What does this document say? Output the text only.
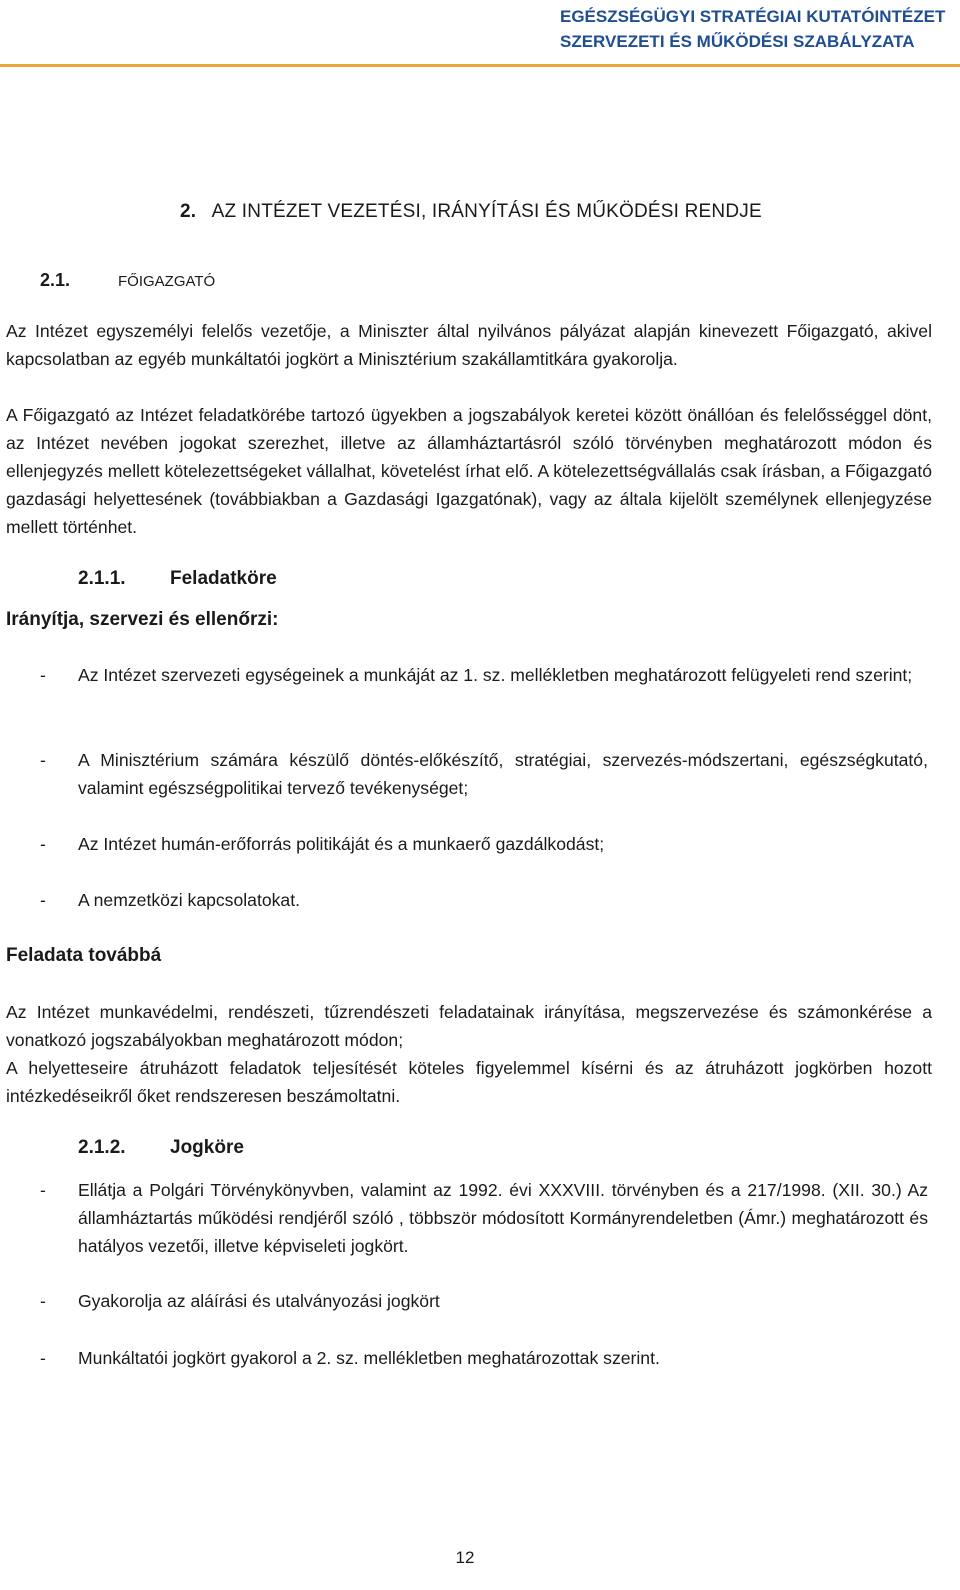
EGÉSZSÉGÜGYI STRATÉGIAI KUTATÓINTÉZET
SZERVEZETI ÉS MŰKÖDÉSI SZABÁLYZATA
2. AZ INTÉZET VEZETÉSI, IRÁNYÍTÁSI ÉS MŰKÖDÉSI RENDJE
2.1.	FŐIGAZGATÓ

Az Intézet egyszemélyi felelős vezetője, a Miniszter által nyilvános pályázat alapján kinevezett Főigazgató, akivel kapcsolatban az egyéb munkáltatói jogkört a Minisztérium szakállamtitkára gyakorolja.

A Főigazgató az Intézet feladatkörébe tartozó ügyekben a jogszabályok keretei között önállóan és felelősséggel dönt, az Intézet nevében jogokat szerezhet, illetve az államháztartásról szóló törvényben meghatározott módon és ellenjegyzés mellett kötelezettségeket vállalhat, követelést írhat elő. A kötelezettségvállalás csak írásban, a Főigazgató gazdasági helyettesének (továbbiakban a Gazdasági Igazgatónak), vagy az általa kijelölt személynek ellenjegyzése mellett történhet.

2.1.1. Feladatköre
Irányítja, szervezi és ellenőrzi:
- Az Intézet szervezeti egységeinek a munkáját az 1. sz. mellékletben meghatározott felügyeleti rend szerint;
- A Minisztérium számára készülő döntés-előkészítő, stratégiai, szervezés-módszertani, egészségkutató, valamint egészségpolitikai tervező tevékenységet;
- Az Intézet humán-erőforrás politikáját és a munkaerő gazdálkodást;
- A nemzetközi kapcsolatokat.
Feladata továbbá

Az Intézet munkavédelmi, rendészeti, tűzrendészeti feladatainak irányítása, megszervezése és számonkérése a vonatkozó jogszabályokban meghatározott módon;

A helyetteseire átruházott feladatok teljesítését köteles figyelemmel kísérni és az átruházott jogkörben hozott intézkedéseikről őket rendszeresen beszámoltatni.

2.1.2. Jogköre
- Ellátja a Polgári Törvénykönyvben, valamint az 1992. évi XXXVIII. törvényben és a 217/1998. (XII. 30.) Az államháztartás működési rendjéről szóló , többször módosított Kormányrendeletben (Ámr.) meghatározott és hatályos vezetői, illetve képviseleti jogkört.
- Gyakorolja az aláírási és utalványozási jogkört
- Munkáltatói jogkört gyakorol a 2. sz. mellékletben meghatározottak szerint.
12
